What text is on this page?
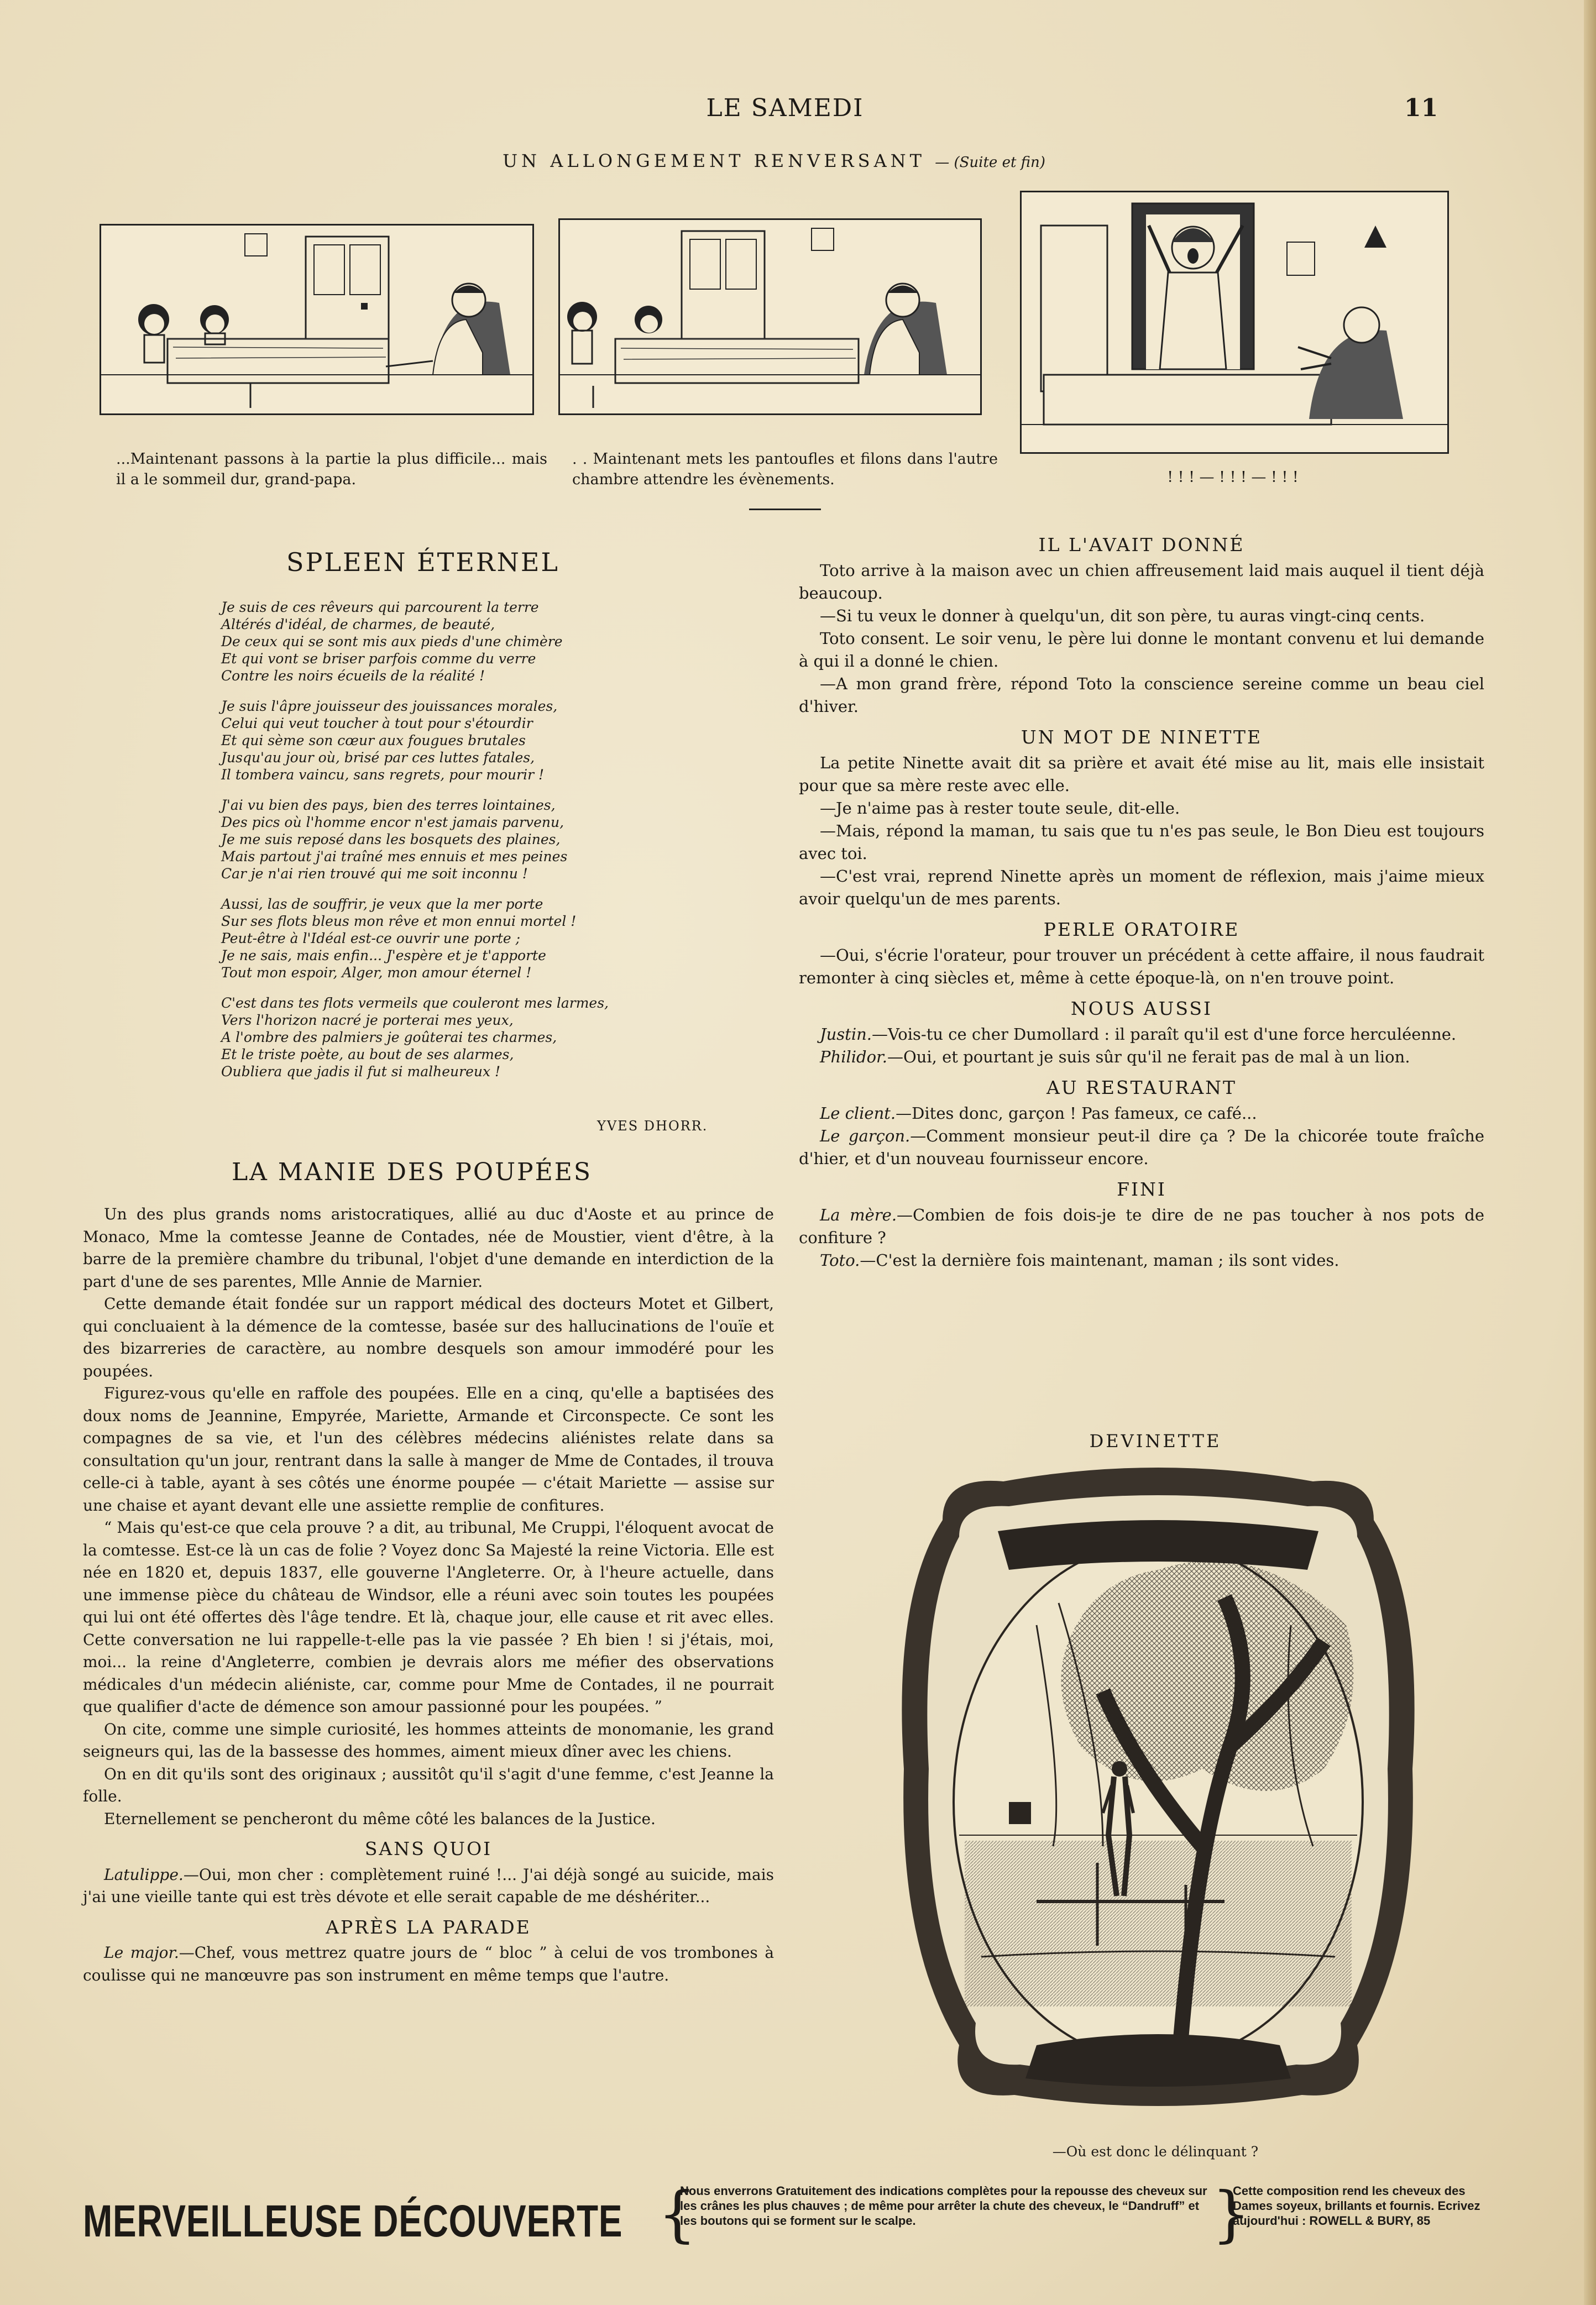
LE SAMEDI	11
UN ALLONGEMENT RENVERSANT — (Suite et fin)
...Maintenant passons à la partie la plus difficile... mais il a le sommeil dur, grand-papa.
. . Maintenant mets les pantoufles et filons dans l'autre chambre attendre les évènements.	! ! ! — ! ! ! — ! ! !
SPLEEN ÉTERNEL
Je suis de ces rêveurs qui parcourent la terre
Altérés d'idéal, de charmes, de beauté,
De ceux qui se sont mis aux pieds d'une chimère
Et qui vont se briser parfois comme du verre
Contre les noirs écueils de la réalité !
Je suis l'âpre jouisseur des jouissances morales,
Celui qui veut toucher à tout pour s'étourdir
Et qui sème son cœur aux fougues brutales
Jusqu'au jour où, brisé par ces luttes fatales,
Il tombera vaincu, sans regrets, pour mourir !
J'ai vu bien des pays, bien des terres lointaines,
Des pics où l'homme encor n'est jamais parvenu,
Je me suis reposé dans les bosquets des plaines,
Mais partout j'ai traîné mes ennuis et mes peines
Car je n'ai rien trouvé qui me soit inconnu !
Aussi, las de souffrir, je veux que la mer porte
Sur ses flots bleus mon rêve et mon ennui mortel !
Peut-être à l'Idéal est-ce ouvrir une porte ;
Je ne sais, mais enfin... J'espère et je t'apporte
Tout mon espoir, Alger, mon amour éternel !
C'est dans tes flots vermeils que couleront mes larmes,
Vers l'horizon nacré je porterai mes yeux,
A l'ombre des palmiers je goûterai tes charmes,
Et le triste poète, au bout de ses alarmes,
Oubliera que jadis il fut si malheureux !
YVES DHORR.
LA MANIE DES POUPÉES

Un des plus grands noms aristocratiques, allié au duc d'Aoste et au prince de Monaco, Mme la comtesse Jeanne de Contades, née de Moustier, vient d'être, à la barre de la première chambre du tribunal, l'objet d'une demande en interdiction de la part d'une de ses parentes, Mlle Annie de Marnier.

Cette demande était fondée sur un rapport médical des docteurs Motet et Gilbert, qui concluaient à la démence de la comtesse, basée sur des hallucinations de l'ouïe et des bizarreries de caractère, au nombre desquels son amour immodéré pour les poupées.

Figurez-vous qu'elle en raffole des poupées. Elle en a cinq, qu'elle a baptisées des doux noms de Jeannine, Empyrée, Mariette, Armande et Circonspecte. Ce sont les compagnes de sa vie, et l'un des célèbres médecins aliénistes relate dans sa consultation qu'un jour, rentrant dans la salle à manger de Mme de Contades, il trouva celle-ci à table, ayant à ses côtés une énorme poupée — c'était Mariette — assise sur une chaise et ayant devant elle une assiette remplie de confitures.

“ Mais qu'est-ce que cela prouve ? a dit, au tribunal, Me Cruppi, l'éloquent avocat de la comtesse. Est-ce là un cas de folie ? Voyez donc Sa Majesté la reine Victoria. Elle est née en 1820 et, depuis 1837, elle gouverne l'Angleterre. Or, à l'heure actuelle, dans une immense pièce du château de Windsor, elle a réuni avec soin toutes les poupées qui lui ont été offertes dès l'âge tendre. Et là, chaque jour, elle cause et rit avec elles. Cette conversation ne lui rappelle-t-elle pas la vie passée ? Eh bien ! si j'étais, moi, moi... la reine d'Angleterre, combien je devrais alors me méfier des observations médicales d'un médecin aliéniste, car, comme pour Mme de Contades, il ne pourrait que qualifier d'acte de démence son amour passionné pour les poupées. ”

On cite, comme une simple curiosité, les hommes atteints de monomanie, les grand seigneurs qui, las de la bassesse des hommes, aiment mieux dîner avec les chiens.

On en dit qu'ils sont des originaux ; aussitôt qu'il s'agit d'une femme, c'est Jeanne la folle.

Eternellement se pencheront du même côté les balances de la Justice.

SANS QUOI

Latulippe.—Oui, mon cher : complètement ruiné !... J'ai déjà songé au suicide, mais j'ai une vieille tante qui est très dévote et elle serait capable de me déshériter...

APRÈS LA PARADE

Le major.—Chef, vous mettrez quatre jours de “ bloc ” à celui de vos trombones à coulisse qui ne manœuvre pas son instrument en même temps que l'autre.

IL L'AVAIT DONNÉ

Toto arrive à la maison avec un chien affreusement laid mais auquel il tient déjà beaucoup.

—Si tu veux le donner à quelqu'un, dit son père, tu auras vingt-cinq cents.

Toto consent. Le soir venu, le père lui donne le montant convenu et lui demande à qui il a donné le chien.

—A mon grand frère, répond Toto la conscience sereine comme un beau ciel d'hiver.

UN MOT DE NINETTE

La petite Ninette avait dit sa prière et avait été mise au lit, mais elle insistait pour que sa mère reste avec elle.

—Je n'aime pas à rester toute seule, dit-elle.

—Mais, répond la maman, tu sais que tu n'es pas seule, le Bon Dieu est toujours avec toi.

—C'est vrai, reprend Ninette après un moment de réflexion, mais j'aime mieux avoir quelqu'un de mes parents.

PERLE ORATOIRE

—Oui, s'écrie l'orateur, pour trouver un précédent à cette affaire, il nous faudrait remonter à cinq siècles et, même à cette époque-là, on n'en trouve point.

NOUS AUSSI

Justin.—Vois-tu ce cher Dumollard : il paraît qu'il est d'une force herculéenne.

Philidor.—Oui, et pourtant je suis sûr qu'il ne ferait pas de mal à un lion.

AU RESTAURANT

Le client.—Dites donc, garçon ! Pas fameux, ce café...

Le garçon.—Comment monsieur peut-il dire ça ? De la chicorée toute fraîche d'hier, et d'un nouveau fournisseur encore.

FINI

La mère.—Combien de fois dois-je te dire de ne pas toucher à nos pots de confiture ?

Toto.—C'est la dernière fois maintenant, maman ; ils sont vides.

DEVINETTE
—Où est donc le délinquant ?
MERVEILLEUSE DÉCOUVERTE {
Nous enverrons Gratuitement des indications complètes pour la repousse des cheveux sur les crânes les plus chauves ; de même pour arrêter la chute des cheveux, le “Dandruff” et les boutons qui se forment sur le scalpe.	}
Cette composition rend les cheveux des Dames soyeux, brillants et fournis. Ecrivez aujourd'hui : ROWELL & BURY, 85
